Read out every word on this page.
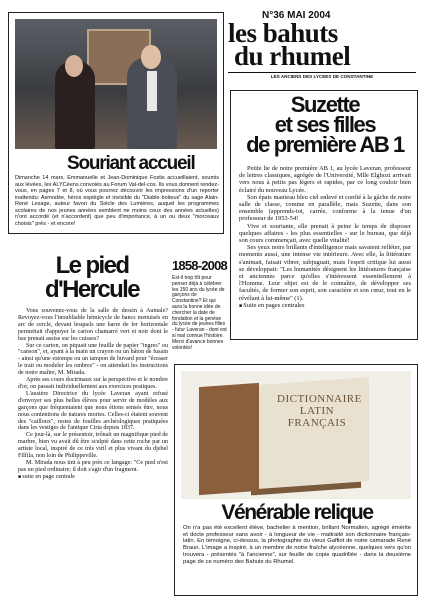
N°36 MAI 2004
les bahuts
du rhumel
LES ANCIENS DES LYCEES DE CONSTANTINE
Souriant accueil
Dimanche 14 mars, Emmanuelle et Jean-Dominique Fostis accueillaient, soumis aux lévées, les ALYCéens convoiés au Forum Val-del-cos. Ils vous donnent rendez-vous, en pages 7 et 8, où vous pourrez découvrir les impressions d'un reporter inattendu: Asmodée, héros espiègle et invisible du "Diable boiteux" du sage Alain-René Lesage, auteur favori du Siècle des Lumières, auquel les programmes scolaires de nos jeunes années semblent ne moins ceux des années actuelles) n'ont accordé (et n'accordent) que peu d'importance, à un ou deux "morceaux choisis" près - et encore!
Suzette
et ses filles
de première AB 1

Petite lie de notre première AB 1, au lycée Laveran, professeur de lettres classiques, agrégée de l'Université, Mlle Elghozi arrivait vers nous à petits pas légers et rapides, par ce long couloir bien éclairé du nouveau Lycée.

Son épais manteau bleu ciel enlevé et confié à la gâche de notre salle de classe, comme en parallèle, mais Suzette, dans son ensemble (apprends-toi, carrée, conforme à la tenue d'un professeur de 1953-54!

Vive et souriante, elle prenait à peine le temps de disposer quelques affaires - les plus essentielles - sur le bureau, que déjà son cours commençait, avec quelle vitalité!

Ses yeux noirs brillants d'intelligence mais savaient refléter, par moments aussi, une intense vie intérieure. Avec elle, la littérature s'animait, faisait vibrer, subjuguait, mais l'esprit critique lui aussi se développait: "Les humanités désignent les littératures française et anciennes parce qu'elles s'intéressent essentiellement à l'Homme. Leur objet est de le connaître, de développer ses facultés, de former son esprit, son caractère et son cœur, tout en le révélant à lui-même" (1).

■ Suite en pages centrales

Le pied
d'Hercule

Vous souvenez-vous de la salle de dessin à Aumale? Revoyez-vous l'inoubliable hémicycle de bancs menuisés en arc de cercle, devant lesquels une barre de fer horizontale permettait d'appuyer le carton chamarré vert et noir dont le bas prenait assise sur les cuisses?

Sur ce carton, on piquait une feuille de papier "ingres" ou "canson", et, ayant à la main un crayon ou un bâton de fusain - ainsi qu'une estompe ou un tampon de buvard pour "écraser le trait ou modeler les ombres" - on attendait les instructions de notre maître, M. Mirada.

Après ses cours doctrinaux sur la perspective et le nombre d'or, on passait individuellement aux exercices pratiques.

L'austère Directrice du lycée Laveran ayant refusé d'envoyer ses plus belles élèves pour servir de modèles aux garçons que fréquentaient que nous étions sensés être, nous nous contentions de natures mortes. Celles-ci étaient souvent des "cailloux", restes de fouilles archéologiques pratiquées dans les vestiges de l'antique Cirta depuis 1837.

Ce jour-là, sur le présentoir, trônait un magnifique pied de marbre, bien vu avait dû être sculpté dans cette roche par un artiste local, inspiré de ce très viril et plus vivant du djebel Filfila, non loin de Philippeville.

M. Mirada nous tint à peu près ce langage: "Ce pied n'est pas un pied ordinaire; il doit s'agir d'un fragment.

■ suite en page centrale

1858-2008
Est-il trop tôt pour penser déjà à célébrer les 150 ans du lycée de garçons de Constantine? Et qui aura la bonne idée de chercher la date de fondation et la genèse du lycée de jeunes filles - futur Laveran - dont est si mal connue l'histoire. Merci d'avance bonnes volontés!
DICTIONNAIRE LATIN FRANÇAIS
Vénérable relique
On n'a pas été excellent élève, bachelier à mention, brillant Normalien, agrégé émérite et docte professeur sans avoir - à longueur de vie - maltraité son dictionnaire français-latin. En témoigne, ci-dessus, la photographie du vieux Gaffiot de notre camarade René Braun. L'image a inspiré, à un membre de notre fraîche alycéenne, quelques vers qu'on trouvera - présentés "à l'ancienne", sur feuille de copie quadrillée - dans la deuxième page de ce numéro des Bahuts du Rhumel.
